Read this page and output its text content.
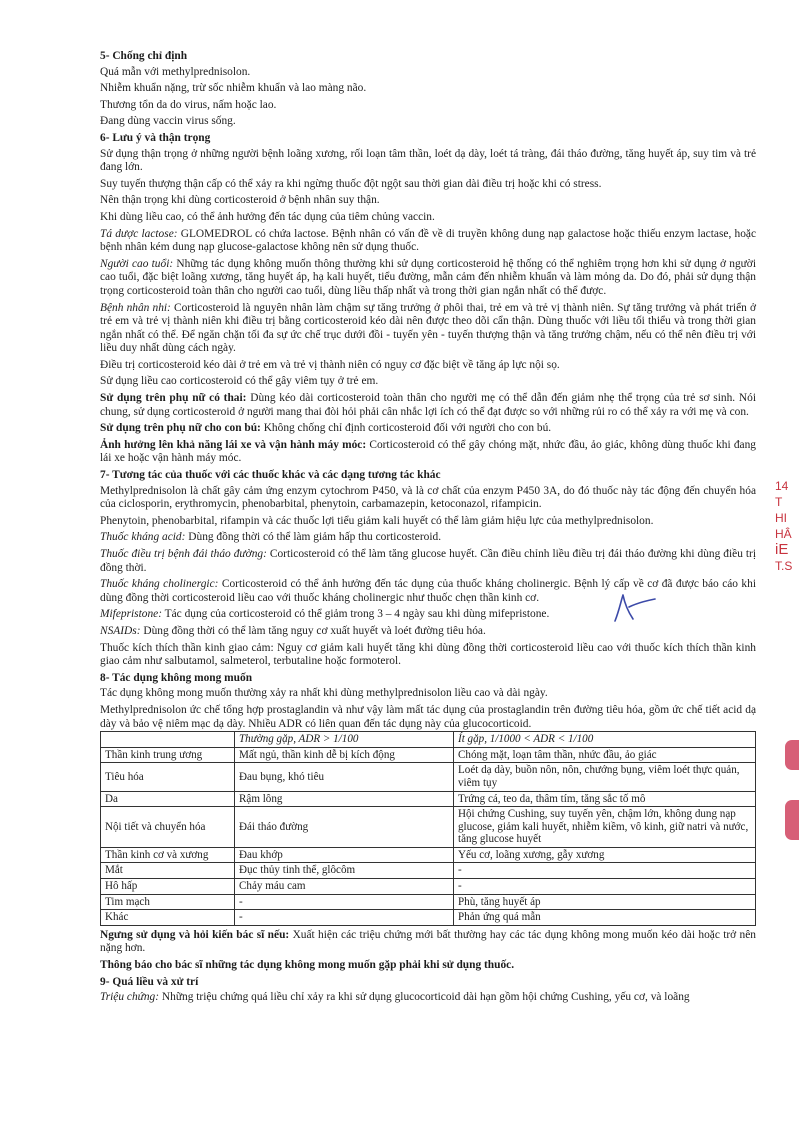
5- Chống chỉ định

Quá mẫn với methylprednisolon.

Nhiễm khuẩn nặng, trừ sốc nhiễm khuẩn và lao màng não.

Thương tổn da do virus, nấm hoặc lao.

Đang dùng vaccin virus sống.

6- Lưu ý và thận trọng

Sử dụng thận trọng ở những người bệnh loãng xương, rối loạn tâm thần, loét dạ dày, loét tá tràng, đái tháo đường, tăng huyết áp, suy tim và trẻ đang lớn.

Suy tuyến thượng thận cấp có thể xảy ra khi ngừng thuốc đột ngột sau thời gian dài điều trị hoặc khi có stress.

Nên thận trọng khi dùng corticosteroid ở bệnh nhân suy thận.

Khi dùng liều cao, có thể ảnh hưởng đến tác dụng của tiêm chủng vaccin.

Tá dược lactose: GLOMEDROL có chứa lactose. Bệnh nhân có vấn đề về di truyền không dung nạp galactose hoặc thiếu enzym lactase, hoặc bệnh nhân kém dung nạp glucose-galactose không nên sử dụng thuốc.

Người cao tuổi: Những tác dụng không muốn thông thường khi sử dụng corticosteroid hệ thống có thể nghiêm trọng hơn khi sử dụng ở người cao tuổi, đặc biệt loãng xương, tăng huyết áp, hạ kali huyết, tiểu đường, mẫn cảm đến nhiễm khuẩn và làm mỏng da. Do đó, phải sử dụng thận trọng corticosteroid toàn thân cho người cao tuổi, dùng liều thấp nhất và trong thời gian ngắn nhất có thể được.

Bệnh nhân nhi: Corticosteroid là nguyên nhân làm chậm sự tăng trưởng ở phôi thai, trẻ em và trẻ vị thành niên. Sự tăng trưởng và phát triển ở trẻ em và trẻ vị thành niên khi điều trị bằng corticosteroid kéo dài nên được theo dõi cẩn thận. Dùng thuốc với liều tối thiểu và trong thời gian ngắn nhất có thể. Để ngăn chặn tối đa sự ức chế trục dưới đồi - tuyến yên - tuyến thượng thận và tăng trưởng chậm, nếu có thể nên điều trị với liều duy nhất dùng cách ngày.

Điều trị corticosteroid kéo dài ở trẻ em và trẻ vị thành niên có nguy cơ đặc biệt về tăng áp lực nội sọ.

Sử dụng liều cao corticosteroid có thể gây viêm tụy ở trẻ em.

Sử dụng trên phụ nữ có thai: Dùng kéo dài corticosteroid toàn thân cho người mẹ có thể dẫn đến giảm nhẹ thể trọng của trẻ sơ sinh. Nói chung, sử dụng corticosteroid ở người mang thai đòi hỏi phải cân nhắc lợi ích có thể đạt được so với những rủi ro có thể xảy ra với mẹ và con.

Sử dụng trên phụ nữ cho con bú: Không chống chỉ định corticosteroid đối với người cho con bú.

Ảnh hưởng lên khả năng lái xe và vận hành máy móc: Corticosteroid có thể gây chóng mặt, nhức đầu, ảo giác, không dùng thuốc khi đang lái xe hoặc vận hành máy móc.

7- Tương tác của thuốc với các thuốc khác và các dạng tương tác khác

Methylprednisolon là chất gây cảm ứng enzym cytochrom P450, và là cơ chất của enzym P450 3A, do đó thuốc này tác động đến chuyển hóa của ciclosporin, erythromycin, phenobarbital, phenytoin, carbamazepin, ketoconazol, rifampicin.

Phenytoin, phenobarbital, rifampin và các thuốc lợi tiểu giảm kali huyết có thể làm giảm hiệu lực của methylprednisolon.

Thuốc kháng acid: Dùng đồng thời có thể làm giảm hấp thu corticosteroid.

Thuốc điều trị bệnh đái tháo đường: Corticosteroid có thể làm tăng glucose huyết. Cần điều chỉnh liều điều trị đái tháo đường khi dùng điều trị đồng thời.

Thuốc kháng cholinergic: Corticosteroid có thể ảnh hưởng đến tác dụng của thuốc kháng cholinergic. Bệnh lý cấp về cơ đã được báo cáo khi dùng đồng thời corticosteroid liều cao với thuốc kháng cholinergic như thuốc chẹn thần kinh cơ.

Mifepristone: Tác dụng của corticosteroid có thể giảm trong 3 – 4 ngày sau khi dùng mifepristone.

NSAIDs: Dùng đồng thời có thể làm tăng nguy cơ xuất huyết và loét đường tiêu hóa.

Thuốc kích thích thần kinh giao cảm: Nguy cơ giảm kali huyết tăng khi dùng đồng thời corticosteroid liều cao với thuốc kích thích thần kinh giao cảm như salbutamol, salmeterol, terbutaline hoặc formoterol.

8- Tác dụng không mong muốn

Tác dụng không mong muốn thường xảy ra nhất khi dùng methylprednisolon liều cao và dài ngày.

Methylprednisolon ức chế tổng hợp prostaglandin và như vậy làm mất tác dụng của prostaglandin trên đường tiêu hóa, gồm ức chế tiết acid dạ dày và bảo vệ niêm mạc dạ dày. Nhiều ADR có liên quan đến tác dụng này của glucocorticoid.

	Thường gặp, ADR > 1/100	Ít gặp, 1/1000 < ADR < 1/100
Thần kinh trung ương	Mất ngủ, thần kinh dễ bị kích động	Chóng mặt, loạn tâm thần, nhức đầu, ảo giác
Tiêu hóa	Đau bụng, khó tiêu	Loét dạ dày, buồn nôn, nôn, chướng bụng, viêm loét thực quản, viêm tụy
Da	Rậm lông	Trứng cá, teo da, thâm tím, tăng sắc tố mô
Nội tiết và chuyển hóa	Đái tháo đường	Hội chứng Cushing, suy tuyến yên, chậm lớn, không dung nạp glucose, giảm kali huyết, nhiễm kiềm, vô kinh, giữ natri và nước, tăng glucose huyết
Thần kinh cơ và xương	Đau khớp	Yếu cơ, loãng xương, gẫy xương
Mắt	Đục thủy tinh thể, glôcôm	-
Hô hấp	Chảy máu cam	-
Tim mạch	-	Phù, tăng huyết áp
Khác	-	Phản ứng quá mẫn

Ngưng sử dụng và hỏi kiến bác sĩ nếu: Xuất hiện các triệu chứng mới bất thường hay các tác dụng không mong muốn kéo dài hoặc trở nên nặng hơn.

Thông báo cho bác sĩ những tác dụng không mong muốn gặp phải khi sử dụng thuốc.

9- Quá liều và xử trí

Triệu chứng: Những triệu chứng quá liều chỉ xảy ra khi sử dụng glucocorticoid dài hạn gồm hội chứng Cushing, yếu cơ, và loãng

14
T
HI
HÂ
iE
T.S
